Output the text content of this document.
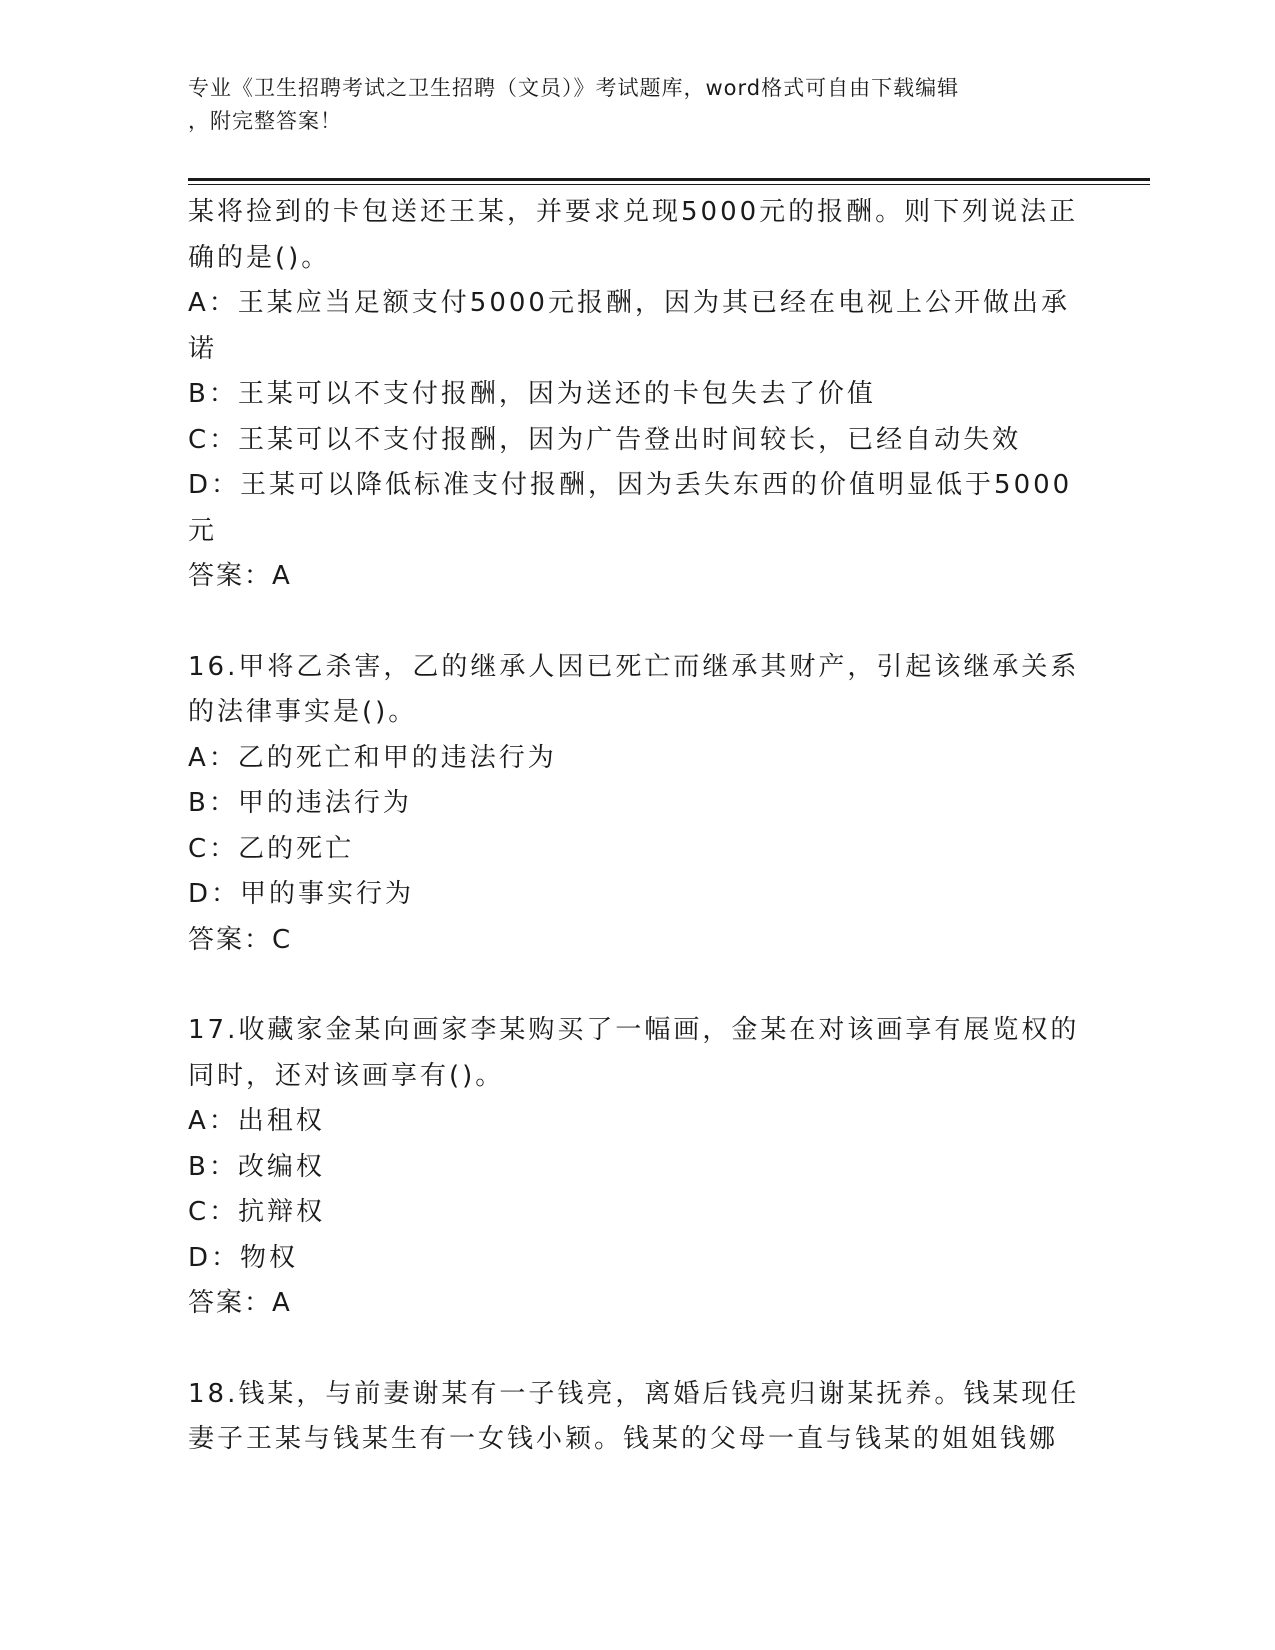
专业《卫生招聘考试之卫生招聘（文员）》考试题库，word格式可自由下载编辑
，附完整答案！
某将捡到的卡包送还王某，并要求兑现5000元的报酬。则下列说法正
确的是()。
A：王某应当足额支付5000元报酬，因为其已经在电视上公开做出承
诺
B：王某可以不支付报酬，因为送还的卡包失去了价值
C：王某可以不支付报酬，因为广告登出时间较长，已经自动失效
D：王某可以降低标准支付报酬，因为丢失东西的价值明显低于5000
元
答案：A
16.甲将乙杀害，乙的继承人因已死亡而继承其财产，引起该继承关系
的法律事实是()。
A：乙的死亡和甲的违法行为
B：甲的违法行为
C：乙的死亡
D：甲的事实行为
答案：C
17.收藏家金某向画家李某购买了一幅画，金某在对该画享有展览权的
同时，还对该画享有()。
A：出租权
B：改编权
C：抗辩权
D：物权
答案：A
18.钱某，与前妻谢某有一子钱亮，离婚后钱亮归谢某抚养。钱某现任
妻子王某与钱某生有一女钱小颖。钱某的父母一直与钱某的姐姐钱娜
